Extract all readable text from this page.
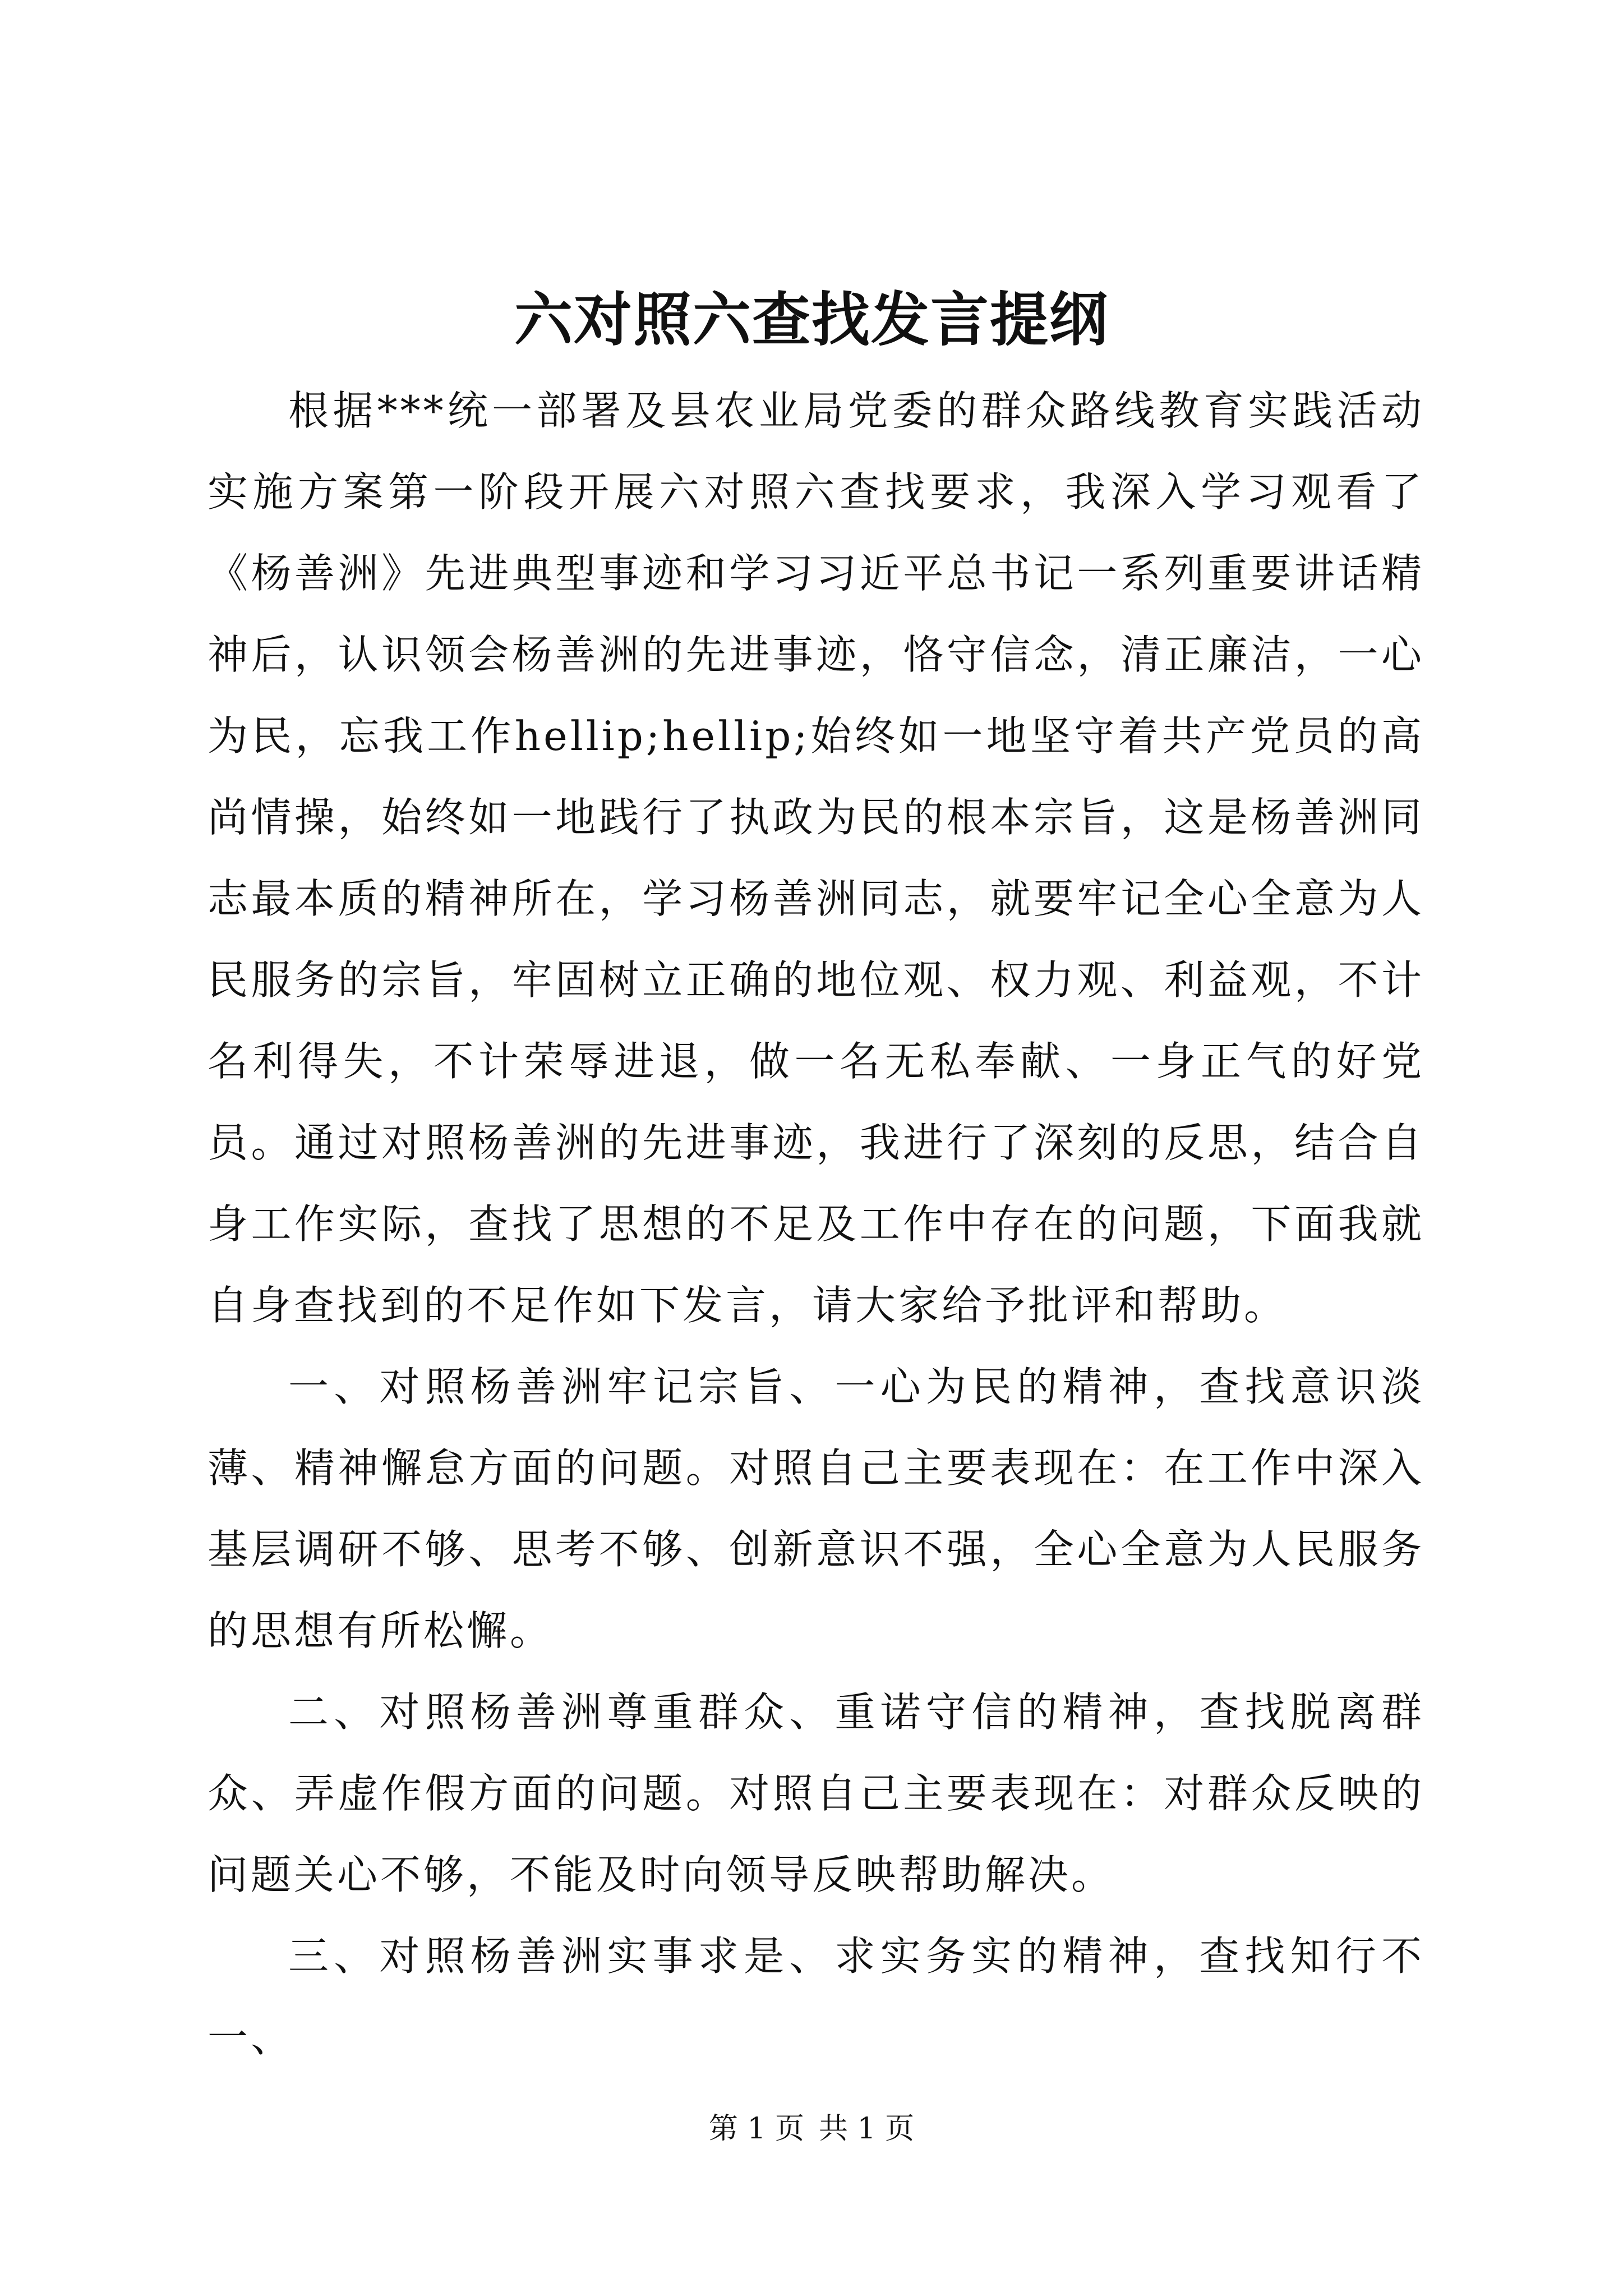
六对照六查找发言提纲

根据***统一部署及县农业局党委的群众路线教育实践活动实施方案第一阶段开展六对照六查找要求，我深入学习观看了《杨善洲》先进典型事迹和学习习近平总书记一系列重要讲话精神后，认识领会杨善洲的先进事迹，恪守信念，清正廉洁，一心为民，忘我工作hellip;hellip;始终如一地坚守着共产党员的高尚情操，始终如一地践行了执政为民的根本宗旨，这是杨善洲同志最本质的精神所在，学习杨善洲同志，就要牢记全心全意为人民服务的宗旨，牢固树立正确的地位观、权力观、利益观，不计名利得失，不计荣辱进退，做一名无私奉献、一身正气的好党员。通过对照杨善洲的先进事迹，我进行了深刻的反思，结合自身工作实际，查找了思想的不足及工作中存在的问题，下面我就自身查找到的不足作如下发言，请大家给予批评和帮助。

一、对照杨善洲牢记宗旨、一心为民的精神，查找意识淡薄、精神懈怠方面的问题。对照自己主要表现在：在工作中深入基层调研不够、思考不够、创新意识不强，全心全意为人民服务的思想有所松懈。

二、对照杨善洲尊重群众、重诺守信的精神，查找脱离群众、弄虚作假方面的问题。对照自己主要表现在：对群众反映的问题关心不够，不能及时向领导反映帮助解决。

三、对照杨善洲实事求是、求实务实的精神，查找知行不一、

第 1 页 共 1 页
